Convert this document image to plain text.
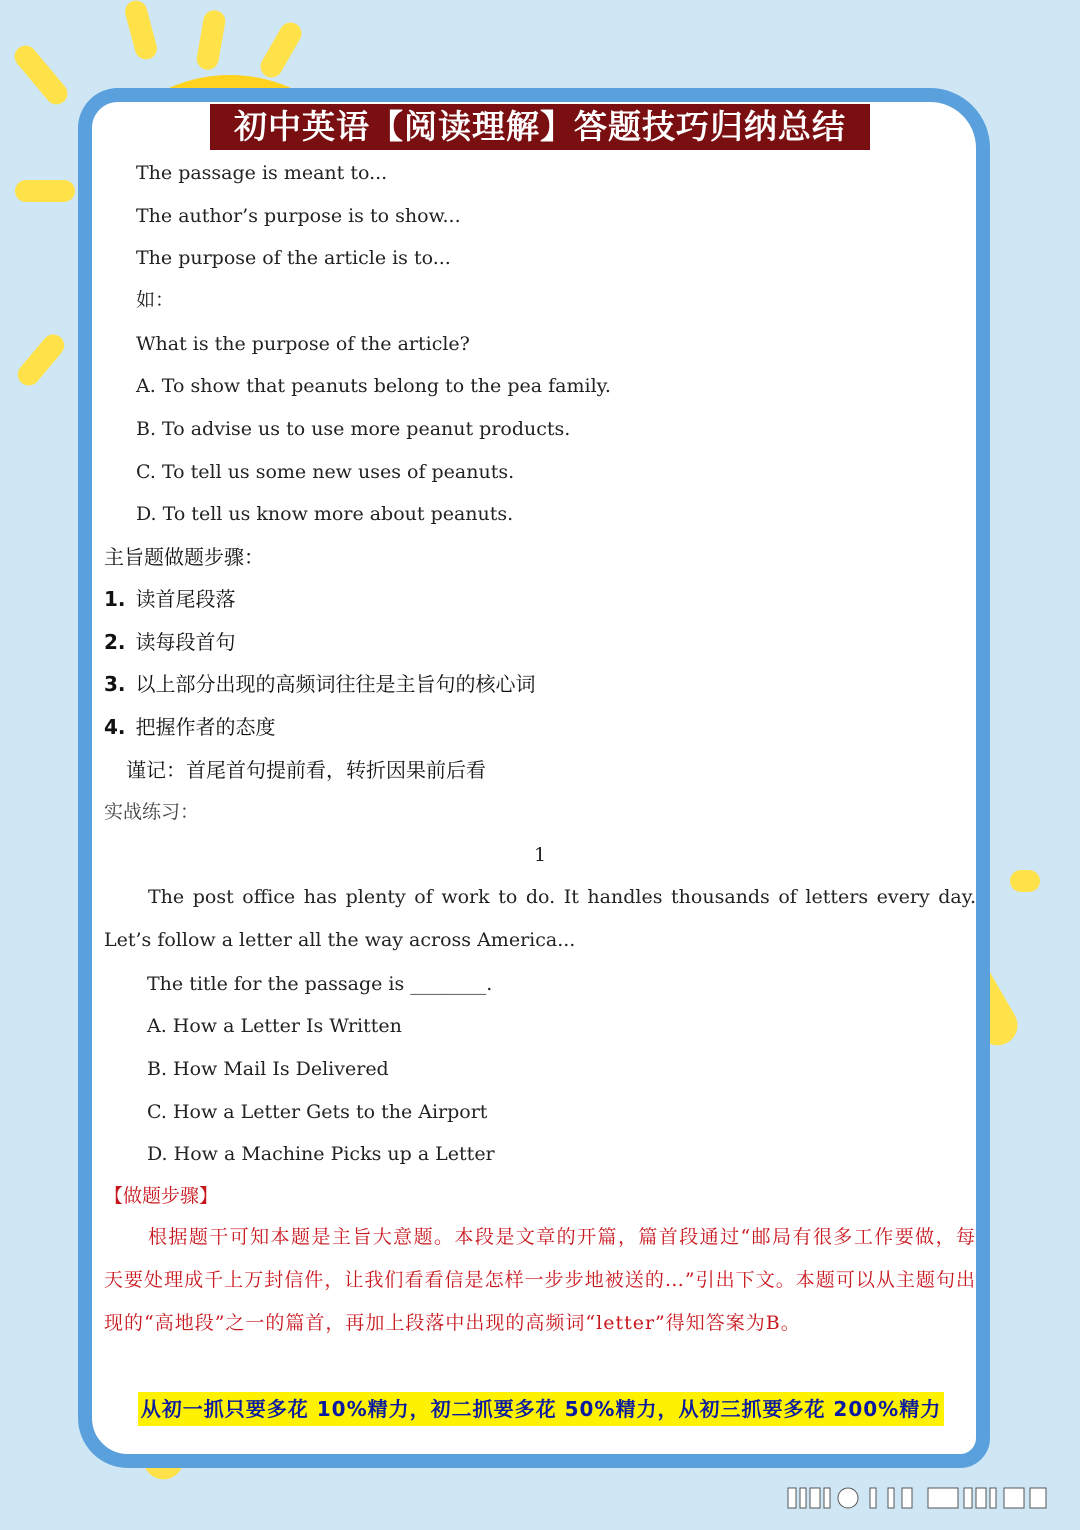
初中英语【阅读理解】答题技巧归纳总结
The passage is meant to...
The author’s purpose is to show...
The purpose of the article is to...
如：
What is the purpose of the article?
A. To show that peanuts belong to the pea family.
B. To advise us to use more peanut products.
C. To tell us some new uses of peanuts.
D. To tell us know more about peanuts.
主旨题做题步骤：
1. 读首尾段落
2. 读每段首句
3. 以上部分出现的高频词往往是主旨句的核心词
4. 把握作者的态度
谨记：首尾首句提前看，转折因果前后看
实战练习：
1
The post office has plenty of work to do. It handles thousands of letters every day. Let’s follow a letter all the way across America...
The title for the passage is ________.
A. How a Letter Is Written
B. How Mail Is Delivered
C. How a Letter Gets to the Airport
D. How a Machine Picks up a Letter
【做题步骤】
根据题干可知本题是主旨大意题。本段是文章的开篇，篇首段通过“邮局有很多工作要做，每天要处理成千上万封信件，让我们看看信是怎样一步步地被送的…”引出下文。本题可以从主题句出现的“高地段”之一的篇首，再加上段落中出现的高频词“letter”得知答案为B。
从初一抓只要多花 10%精力，初二抓要多花 50%精力，从初三抓要多花 200%精力
